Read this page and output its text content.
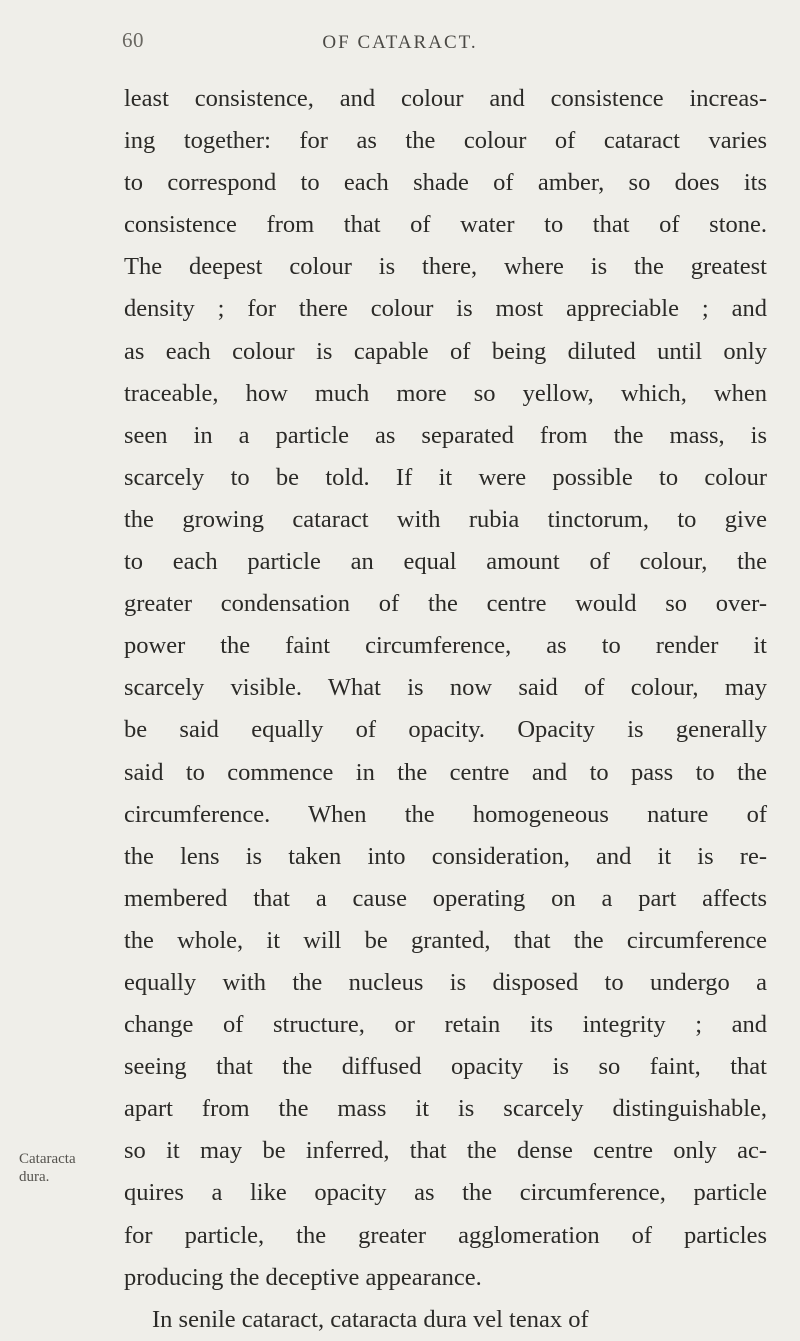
60	OF CATARACT.
Cataracta
dura.
least consistence, and colour and consistence increas-
ing together: for as the colour of cataract varies
to correspond to each shade of amber, so does its
consistence from that of water to that of stone.
The deepest colour is there, where is the greatest
density ; for there colour is most appreciable ; and
as each colour is capable of being diluted until only
traceable, how much more so yellow, which, when
seen in a particle as separated from the mass, is
scarcely to be told. If it were possible to colour
the growing cataract with rubia tinctorum, to give
to each particle an equal amount of colour, the
greater condensation of the centre would so over-
power the faint circumference, as to render it
scarcely visible. What is now said of colour, may
be said equally of opacity. Opacity is generally
said to commence in the centre and to pass to the
circumference. When the homogeneous nature of
the lens is taken into consideration, and it is re-
membered that a cause operating on a part affects
the whole, it will be granted, that the circumference
equally with the nucleus is disposed to undergo a
change of structure, or retain its integrity ; and
seeing that the diffused opacity is so faint, that
apart from the mass it is scarcely distinguishable,
so it may be inferred, that the dense centre only ac-
quires a like opacity as the circumference, particle
for particle, the greater agglomeration of particles
producing the deceptive appearance.
In senile cataract, cataracta dura vel tenax of
